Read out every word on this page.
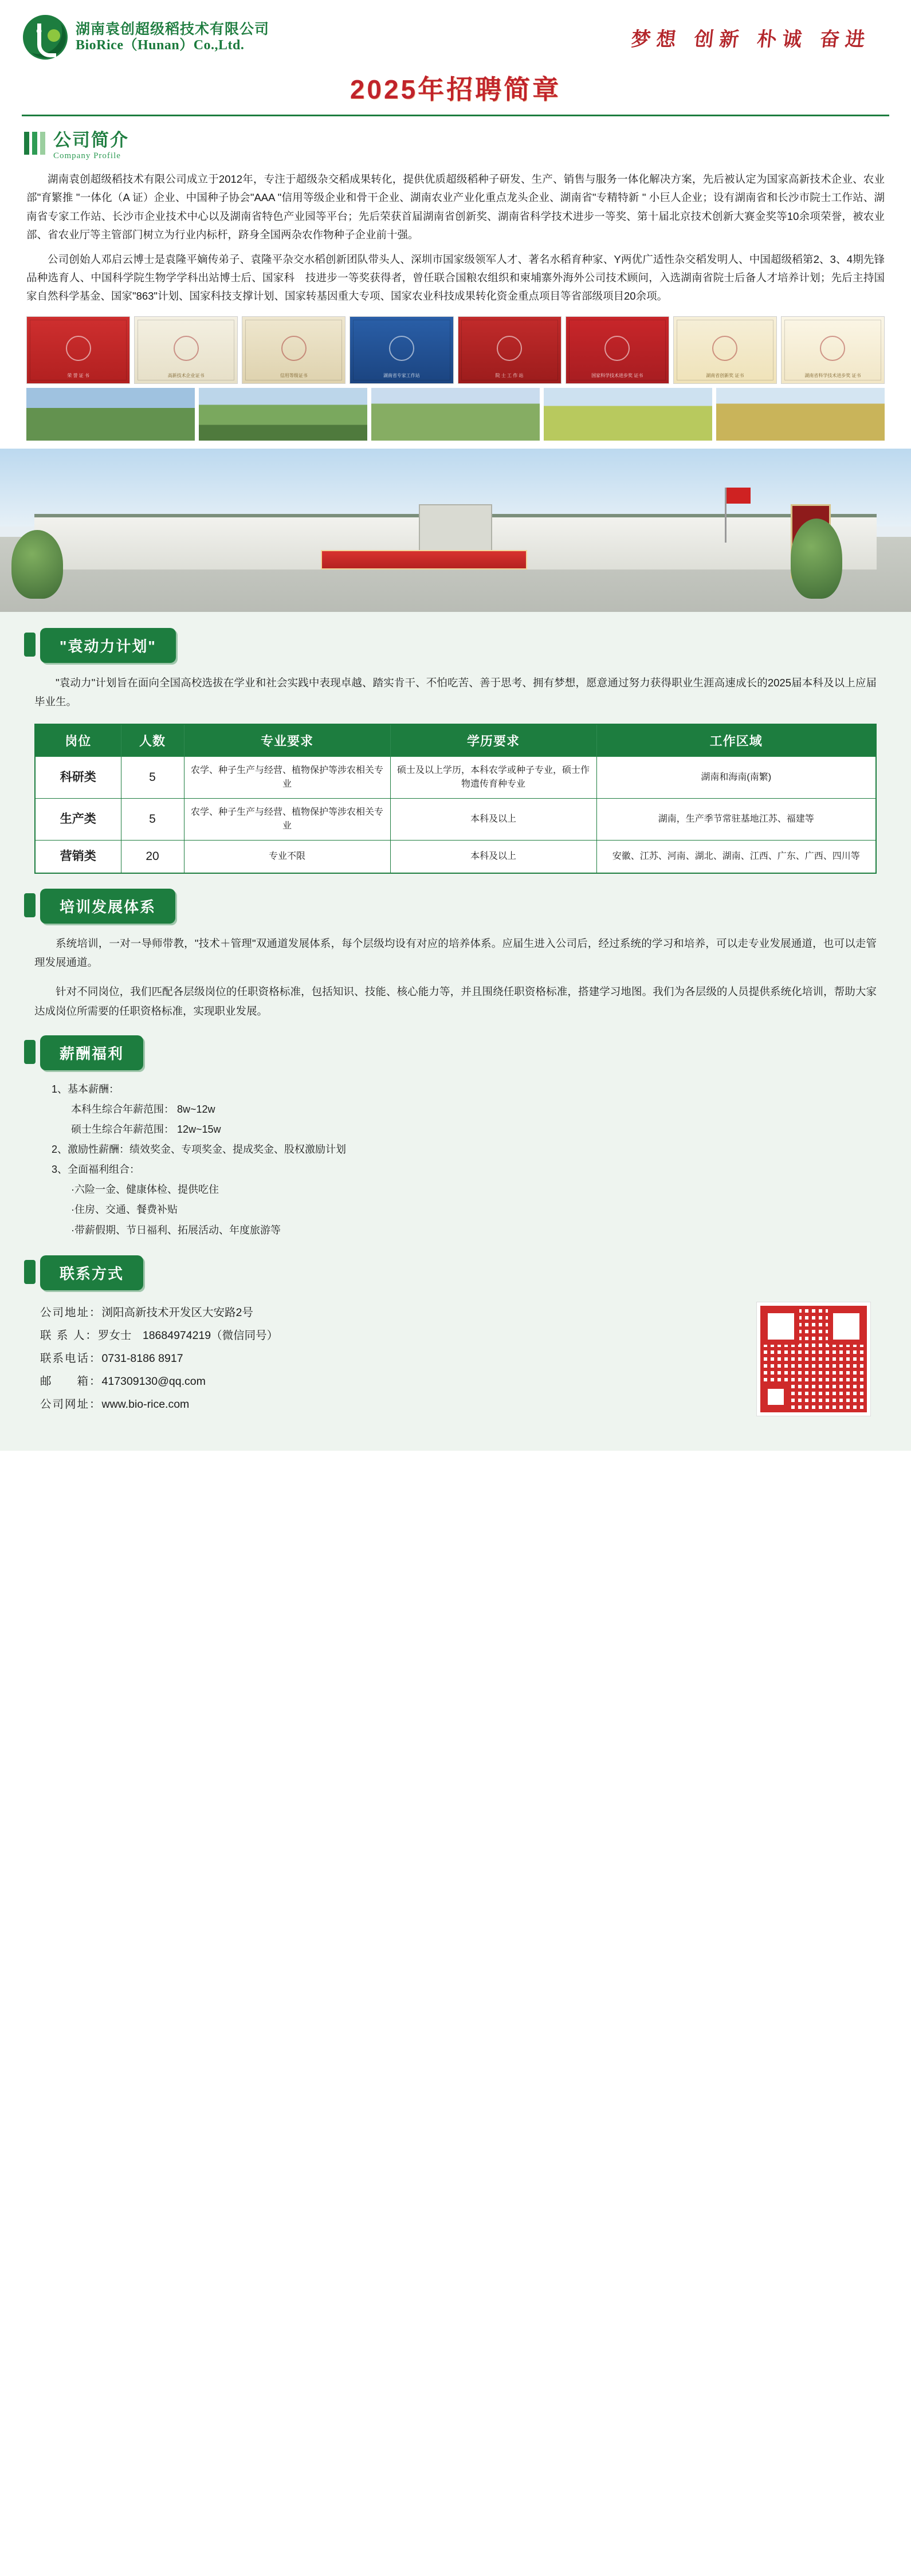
湖南袁创超级稻技术有限公司
BioRice（Hunan）Co.,Ltd.	梦想 创新 朴诚 奋进
2025年招聘简章
公司简介
Company Profile

湖南袁创超级稻技术有限公司成立于2012年，专注于超级杂交稻成果转化，提供优质超级稻种子研发、生产、销售与服务一体化解决方案，先后被认定为国家高新技术企业、农业部"育繁推 "一体化（A 证）企业、中国种子协会"AAA "信用等级企业和骨干企业、湖南农业产业化重点龙头企业、湖南省"专精特新 " 小巨人企业；设有湖南省和长沙市院士工作站、湖南省专家工作站、长沙市企业技术中心以及湖南省特色产业园等平台；先后荣获首届湖南省创新奖、湖南省科学技术进步一等奖、第十届北京技术创新大赛金奖等10余项荣誉，被农业部、省农业厅等主管部门树立为行业内标杆，跻身全国两杂农作物种子企业前十强。

公司创始人邓启云博士是袁隆平嫡传弟子、袁隆平杂交水稻创新团队带头人、深圳市国家级领军人才、著名水稻育种家、Y两优广适性杂交稻发明人、中国超级稻第2、3、4期先锋品种选育人、中国科学院生物学学科出站博士后、国家科　技进步一等奖获得者，曾任联合国粮农组织和柬埔寨外海外公司技术顾问，入选湖南省院士后备人才培养计划；先后主持国家自然科学基金、国家"863"计划、国家科技支撑计划、国家转基因重大专项、国家农业科技成果转化资金重点项目等省部级项目20余项。

荣 誉 证 书	高新技术企业证书	信用等级证书	湖南省专家工作站	院 士 工 作 站	国家科学技术进步奖 证书	湖南省创新奖 证书	湖南省科学技术进步奖 证书
"袁动力计划"

"袁动力"计划旨在面向全国高校选拔在学业和社会实践中表现卓越、踏实肯干、不怕吃苦、善于思考、拥有梦想，愿意通过努力获得职业生涯高速成长的2025届本科及以上应届毕业生。

岗位	人数	专业要求	学历要求	工作区域
科研类	5	农学、种子生产与经营、植物保护等涉农相关专业	硕士及以上学历，本科农学或种子专业，硕士作物遗传育种专业	湖南和海南(南繁)
生产类	5	农学、种子生产与经营、植物保护等涉农相关专业	本科及以上	湖南，生产季节常驻基地江苏、福建等
营销类	20	专业不限	本科及以上	安徽、江苏、河南、湖北、湖南、江西、广东、广西、四川等
培训发展体系

系统培训，一对一导师带教，"技术＋管理"双通道发展体系，每个层级均设有对应的培养体系。应届生进入公司后，经过系统的学习和培养，可以走专业发展通道，也可以走管理发展通道。

针对不同岗位，我们匹配各层级岗位的任职资格标准，包括知识、技能、核心能力等，并且围绕任职资格标准，搭建学习地图。我们为各层级的人员提供系统化培训，帮助大家达成岗位所需要的任职资格标准，实现职业发展。

薪酬福利
1、基本薪酬：
本科生综合年薪范围： 8w~12w
硕士生综合年薪范围： 12w~15w
2、激励性薪酬：绩效奖金、专项奖金、提成奖金、股权激励计划
3、全面福利组合：
·六险一金、健康体检、提供吃住
·住房、交通、餐费补贴
·带薪假期、节日福利、拓展活动、年度旅游等
联系方式
公司地址：浏阳高新技术开发区大安路2号
联 系 人：罗女士　18684974219（微信同号）
联系电话：0731-8186 8917
邮　　箱：417309130@qq.com
公司网址：www.bio-rice.com
